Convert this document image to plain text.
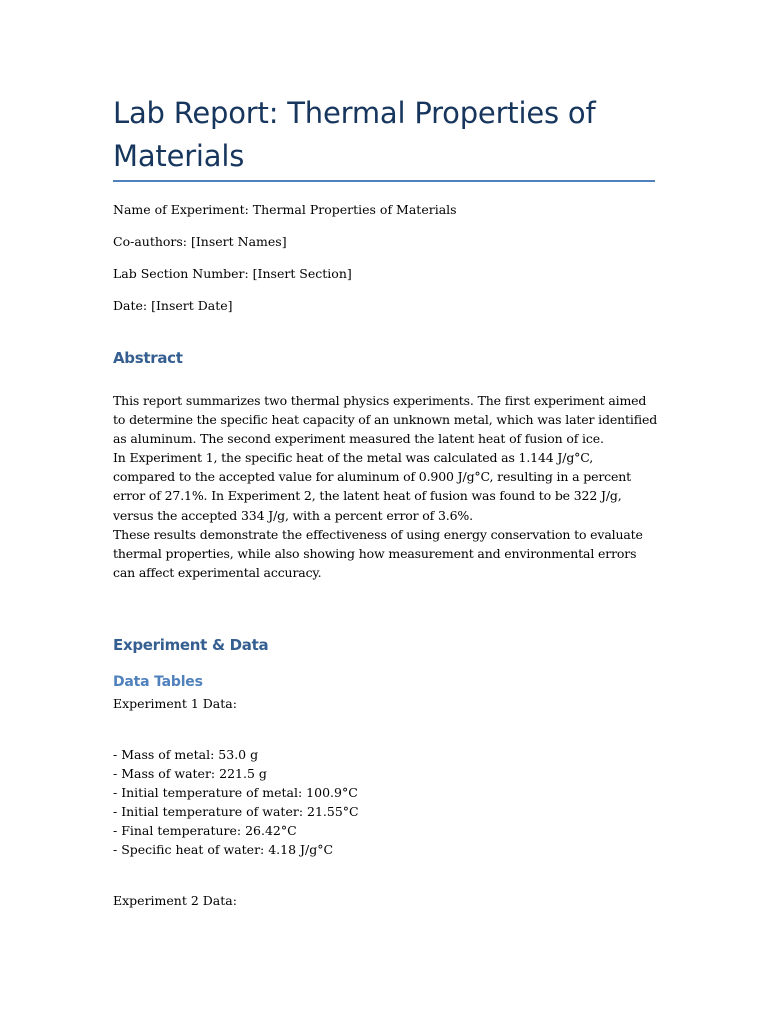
Lab Report: Thermal Properties of Materials
Name of Experiment: Thermal Properties of Materials
Co-authors: [Insert Names]
Lab Section Number: [Insert Section]
Date: [Insert Date]
Abstract
This report summarizes two thermal physics experiments. The first experiment aimed to determine the specific heat capacity of an unknown metal, which was later identified as aluminum. The second experiment measured the latent heat of fusion of ice.
In Experiment 1, the specific heat of the metal was calculated as 1.144 J/g°C, compared to the accepted value for aluminum of 0.900 J/g°C, resulting in a percent error of 27.1%. In Experiment 2, the latent heat of fusion was found to be 322 J/g, versus the accepted 334 J/g, with a percent error of 3.6%.
These results demonstrate the effectiveness of using energy conservation to evaluate thermal properties, while also showing how measurement and environmental errors can affect experimental accuracy.
Experiment & Data
Data Tables
Experiment 1 Data:
- Mass of metal: 53.0 g
- Mass of water: 221.5 g
- Initial temperature of metal: 100.9°C
- Initial temperature of water: 21.55°C
- Final temperature: 26.42°C
- Specific heat of water: 4.18 J/g°C
Experiment 2 Data:
